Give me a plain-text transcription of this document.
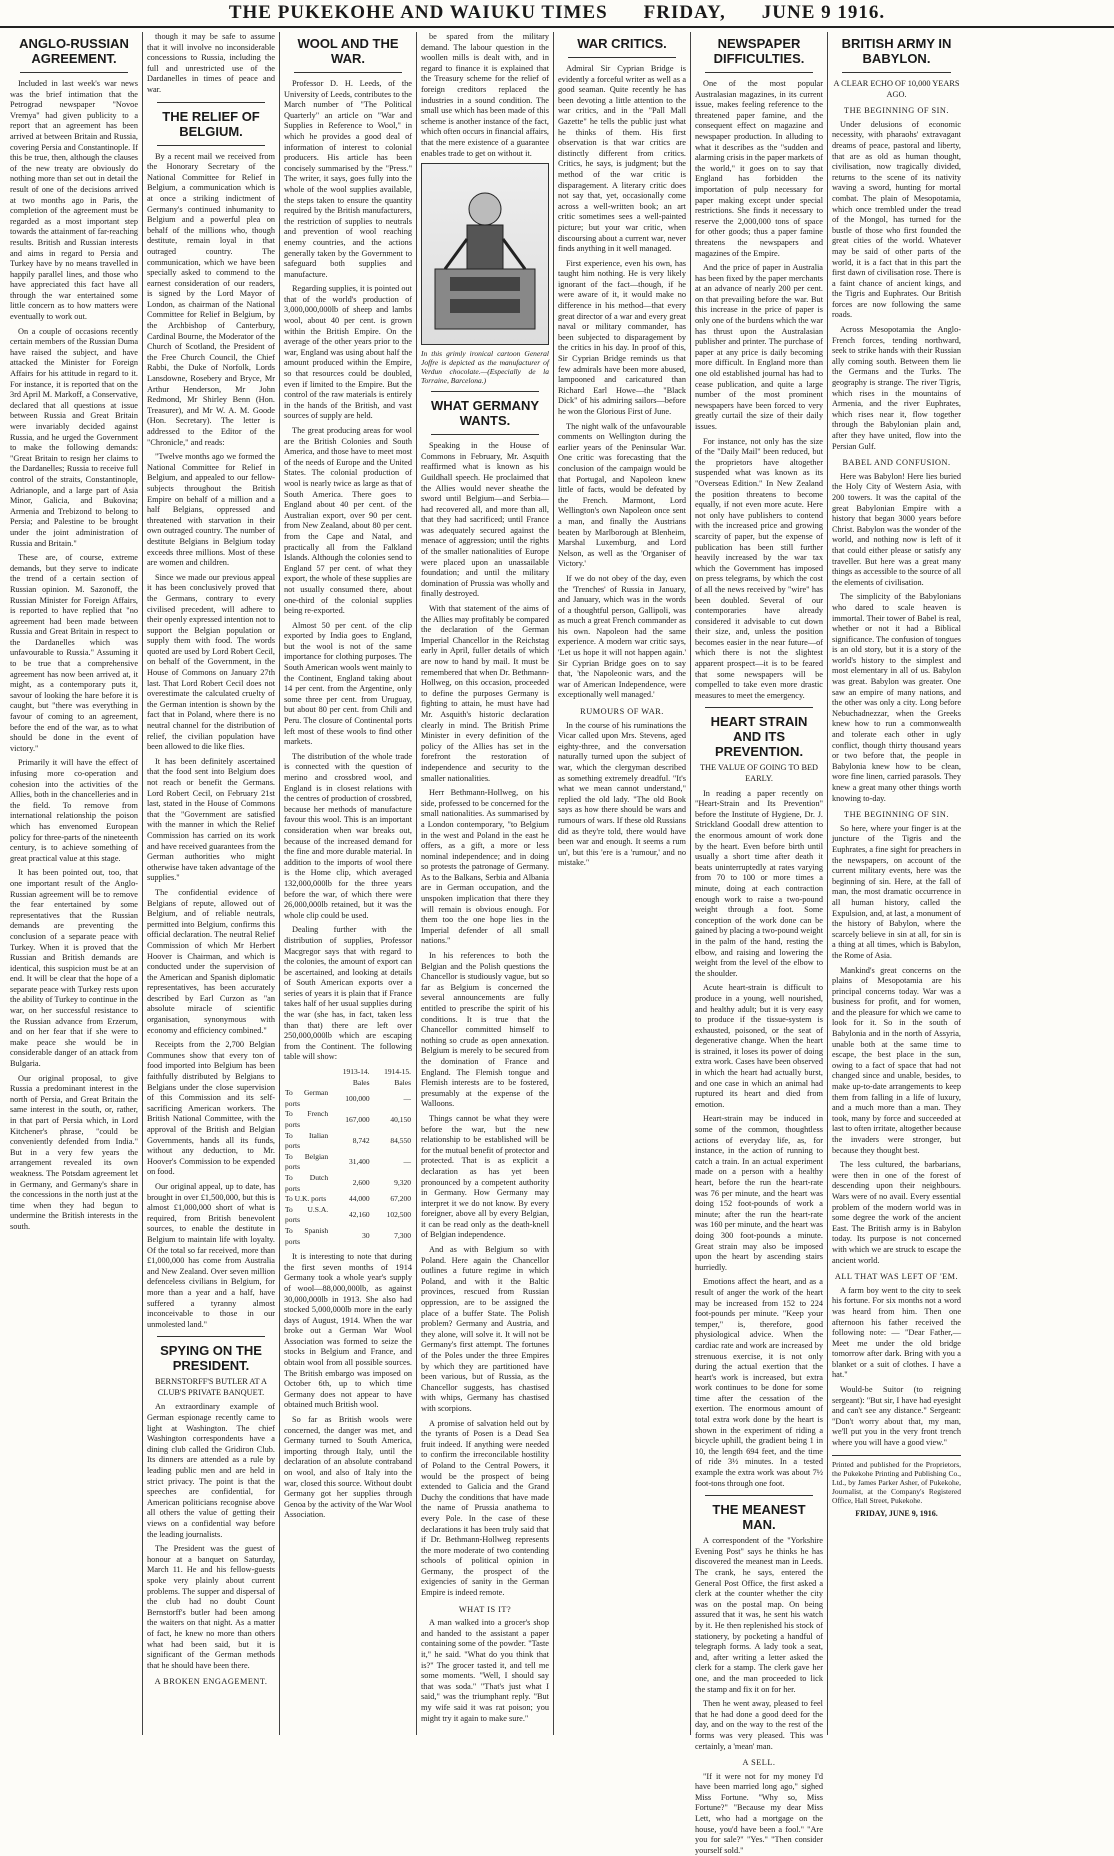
THE PUKEKOHE AND WAIUKU TIMES FRIDAY, JUNE 9 1916.
ANGLO-RUSSIAN AGREEMENT.

Included in last week's war news was the brief intimation that the Petrograd newspaper "Novoe Vremya" had given publicity to a report that an agreement has been arrived at between Britain and Russia, covering Persia and Constantinople. If this be true, then, although the clauses of the new treaty are obviously do nothing more than set out in detail the result of one of the decisions arrived at two months ago in Paris, the completion of the agreement must be regarded as a most important step towards the attainment of far-reaching results. British and Russian interests and aims in regard to Persia and Turkey have by no means travelled in happily parallel lines, and those who have appreciated this fact have all through the war entertained some little concern as to how matters were eventually to work out.

On a couple of occasions recently certain members of the Russian Duma have raised the subject, and have attacked the Minister for Foreign Affairs for his attitude in regard to it. For instance, it is reported that on the 3rd April M. Markoff, a Conservative, declared that all questions at issue between Russia and Great Britain were invariably decided against Russia, and he urged the Government to make the following demands: "Great Britain to resign her claims to the Dardanelles; Russia to receive full control of the straits, Constantinople, Adrianople, and a large part of Asia Minor, Galicia, and Bukovina; Armenia and Trebizond to belong to Persia; and Palestine to be brought under the joint administration of Russia and Britain."

These are, of course, extreme demands, but they serve to indicate the trend of a certain section of Russian opinion. M. Sazonoff, the Russian Minister for Foreign Affairs, is reported to have replied that "no agreement had been made between Russia and Great Britain in respect to the Dardanelles which was unfavourable to Russia." Assuming it to be true that a comprehensive agreement has now been arrived at, it might, as a contemporary puts it, savour of looking the hare before it is caught, but "there was everything in favour of coming to an agreement, before the end of the war, as to what should be done in the event of victory."

Primarily it will have the effect of infusing more co-operation and cohesion into the activities of the Allies, both in the chancelleries and in the field. To remove from international relationship the poison which has envenomed European policy for three-parts of the nineteenth century, is to achieve something of great practical value at this stage.

It has been pointed out, too, that one important result of the Anglo-Russian agreement will be to remove the fear entertained by some representatives that the Russian demands are preventing the conclusion of a separate peace with Turkey. When it is proved that the Russian and British demands are identical, this suspicion must be at an end. It will be clear that the hope of a separate peace with Turkey rests upon the ability of Turkey to continue in the war, on her successful resistance to the Russian advance from Erzerum, and on her fear that if she were to make peace she would be in considerable danger of an attack from Bulgaria.

Our original proposal, to give Russia a predominant interest in the north of Persia, and Great Britain the same interest in the south, or, rather, in that part of Persia which, in Lord Kitchener's phrase, "could be conveniently defended from India." But in a very few years the arrangement revealed its own weakness. The Potsdam agreement let in Germany, and Germany's share in the concessions in the north just at the time when they had begun to undermine the British interests in the south.

though it may be safe to assume that it will involve no inconsiderable concessions to Russia, including the full and unrestricted use of the Dardanelles in times of peace and war.

THE RELIEF OF BELGIUM.

By a recent mail we received from the Honorary Secretary of the National Committee for Relief in Belgium, a communication which is at once a striking indictment of Germany's continued inhumanity to Belgium and a powerful plea on behalf of the millions who, though destitute, remain loyal in that outraged country. The communication, which we have been specially asked to commend to the earnest consideration of our readers, is signed by the Lord Mayor of London, as chairman of the National Committee for Relief in Belgium, by the Archbishop of Canterbury, Cardinal Bourne, the Moderator of the Church of Scotland, the President of the Free Church Council, the Chief Rabbi, the Duke of Norfolk, Lords Lansdowne, Rosebery and Bryce, Mr Arthur Henderson, Mr John Redmond, Mr Shirley Benn (Hon. Treasurer), and Mr W. A. M. Goode (Hon. Secretary). The letter is addressed to the Editor of the "Chronicle," and reads:

"Twelve months ago we formed the National Committee for Relief in Belgium, and appealed to our fellow-subjects throughout the British Empire on behalf of a million and a half Belgians, oppressed and threatened with starvation in their own outraged country. The number of destitute Belgians in Belgium today exceeds three millions. Most of these are women and children.

Since we made our previous appeal it has been conclusively proved that the Germans, contrary to every civilised precedent, will adhere to their openly expressed intention not to support the Belgian population or supply them with food. The words quoted are used by Lord Robert Cecil, on behalf of the Government, in the House of Commons on January 27th last. That Lord Robert Cecil does not overestimate the calculated cruelty of the German intention is shown by the fact that in Poland, where there is no neutral channel for the distribution of relief, the civilian population have been allowed to die like flies.

It has been definitely ascertained that the food sent into Belgium does not reach or benefit the Germans. Lord Robert Cecil, on February 21st last, stated in the House of Commons that the "Government are satisfied with the manner in which the Relief Commission has carried on its work and have received guarantees from the German authorities who might otherwise have taken advantage of the supplies."

The confidential evidence of Belgians of repute, allowed out of Belgium, and of reliable neutrals, permitted into Belgium, confirms this official declaration. The neutral Relief Commission of which Mr Herbert Hoover is Chairman, and which is conducted under the supervision of the American and Spanish diplomatic representatives, has been accurately described by Earl Curzon as "an absolute miracle of scientific organisation, synonymous with economy and efficiency combined."

Receipts from the 2,700 Belgian Communes show that every ton of food imported into Belgium has been faithfully distributed by Belgians to Belgians under the close supervision of this Commission and its self-sacrificing American workers. The British National Committee, with the approval of the British and Belgian Governments, hands all its funds, without any deduction, to Mr. Hoover's Commission to be expended on food.

Our original appeal, up to date, has brought in over £1,500,000, but this is almost £1,000,000 short of what is required, from British benevolent sources, to enable the destitute in Belgium to maintain life with loyalty. Of the total so far received, more than £1,000,000 has come from Australia and New Zealand. Over seven million defenceless civilians in Belgium, for more than a year and a half, have suffered a tyranny almost inconceivable to those in our unmolested land."

SPYING ON THE PRESIDENT.
BERNSTORFF'S BUTLER AT A CLUB'S PRIVATE BANQUET.

An extraordinary example of German espionage recently came to light at Washington. The chief Washington correspondents have a dining club called the Gridiron Club. Its dinners are attended as a rule by leading public men and are held in strict privacy. The point is that the speeches are confidential, for American politicians recognise above all others the value of getting their views on a confidential way before the leading journalists.

The President was the guest of honour at a banquet on Saturday, March 11. He and his fellow-guests spoke very plainly about current problems. The supper and dispersal of the club had no doubt Count Bernstorff's butler had been among the waiters on that night. As a matter of fact, he knew no more than others what had been said, but it is significant of the German methods that he should have been there.

A BROKEN ENGAGEMENT.
WOOL AND THE WAR.

Professor D. H. Leeds, of the University of Leeds, contributes to the March number of "The Political Quarterly" an article on "War and Supplies in Reference to Wool," in which he provides a good deal of information of interest to colonial producers. His article has been concisely summarised by the "Press." The writer, it says, goes fully into the whole of the wool supplies available, the steps taken to ensure the quantity required by the British manufacturers, the restriction of supplies to neutrals and prevention of wool reaching enemy countries, and the actions generally taken by the Government to safeguard both supplies and manufacture.

Regarding supplies, it is pointed out that of the world's production of 3,000,000,000lb of sheep and lambs wool, about 40 per cent. is grown within the British Empire. On the average of the other years prior to the war, England was using about half the amount produced within the Empire, so that resources could be doubled, even if limited to the Empire. But the control of the raw materials is entirely in the hands of the British, and vast sources of supply are held.

The great producing areas for wool are the British Colonies and South America, and those have to meet most of the needs of Europe and the United States. The colonial production of wool is nearly twice as large as that of South America. There goes to England about 40 per cent. of the Australian export, over 90 per cent. from New Zealand, about 80 per cent. from the Cape and Natal, and practically all from the Falkland Islands. Although the colonies send to England 57 per cent. of what they export, the whole of these supplies are not usually consumed there, about one-third of the colonial supplies being re-exported.

Almost 50 per cent. of the clip exported by India goes to England, but the wool is not of the same importance for clothing purposes. The South American wools went mainly to the Continent, England taking about 14 per cent. from the Argentine, only some three per cent. from Uruguay, but about 80 per cent. from Chili and Peru. The closure of Continental ports left most of these wools to find other markets.

The distribution of the whole trade is connected with the question of merino and crossbred wool, and England is in closest relations with the centres of production of crossbred, because her methods of manufacture favour this wool. This is an important consideration when war breaks out, because of the increased demand for the fine and more durable material. In addition to the imports of wool there is the Home clip, which averaged 132,000,000lb for the three years before the war, of which there were 26,000,000lb retained, but it was the whole clip could be used.

Dealing further with the distribution of supplies, Professor Macgregor says that with regard to the colonies, the amount of export can be ascertained, and looking at details of South American exports over a series of years it is plain that if France takes half of her usual supplies during the war (she has, in fact, taken less than that) there are left over 250,000,000lb which are escaping from the Continent. The following table will show:

	1913-14. Bales	1914-15. Bales
To German ports	100,000	—
To French ports	167,000	40,150
To Italian ports	8,742	84,550
To Belgian ports	31,400	—
To Dutch ports	2,600	9,320
To U.K. ports	44,000	67,200
To U.S.A. ports	42,160	102,500
To Spanish ports	30	7,300

It is interesting to note that during the first seven months of 1914 Germany took a whole year's supply of wool—88,000,000lb, as against 30,000,000lb in 1913. She also had stocked 5,000,000lb more in the early days of August, 1914. When the war broke out a German War Wool Association was formed to seize the stocks in Belgium and France, and obtain wool from all possible sources. The British embargo was imposed on October 6th, up to which time Germany does not appear to have obtained much British wool.

So far as British wools were concerned, the danger was met, and Germany turned to South America, importing through Italy, until the declaration of an absolute contraband on wool, and also of Italy into the war, closed this source. Without doubt Germany got her supplies through Genoa by the activity of the War Wool Association.

be spared from the military demand. The labour question in the woollen mills is dealt with, and in regard to finance it is explained that the Treasury scheme for the relief of foreign creditors replaced the industries in a sound condition. The small use which has been made of this scheme is another instance of the fact, which often occurs in financial affairs, that the mere existence of a guarantee enables trade to get on without it.

In this grimly ironical cartoon General Joffre is depicted as the manufacturer of Verdun chocolate.—(Especially de la Torraine, Barcelona.)
WHAT GERMANY WANTS.

Speaking in the House of Commons in February, Mr. Asquith reaffirmed what is known as his Guildhall speech. He proclaimed that the Allies would never sheathe the sword until Belgium—and Serbia—had recovered all, and more than all, that they had sacrificed; until France was adequately secured against the menace of aggression; until the rights of the smaller nationalities of Europe were placed upon an unassailable foundation; and until the military domination of Prussia was wholly and finally destroyed.

With that statement of the aims of the Allies may profitably be compared the declaration of the German Imperial Chancellor in the Reichstag early in April, fuller details of which are now to hand by mail. It must be remembered that when Dr. Bethmann-Hollweg, on this occasion, proceeded to define the purposes Germany is fighting to attain, he must have had Mr. Asquith's historic declaration clearly in mind. The British Prime Minister in every definition of the policy of the Allies has set in the forefront the restoration of independence and security to the smaller nationalities.

Herr Bethmann-Hollweg, on his side, professed to be concerned for the small nationalities. As summarised by a London contemporary, "to Belgium in the west and Poland in the east he offers, as a gift, a more or less nominal independence; and in doing so protests the patronage of Germany. As to the Balkans, Serbia and Albania are in German occupation, and the unspoken implication that there they will remain is obvious enough. For them too the one hope lies in the Imperial defender of all small nations."

In his references to both the Belgian and the Polish questions the Chancellor is studiously vague, but so far as Belgium is concerned the several announcements are fully entitled to prescribe the spirit of his conditions. It is true that the Chancellor committed himself to nothing so crude as open annexation. Belgium is merely to be secured from the domination of France and England. The Flemish tongue and Flemish interests are to be fostered, presumably at the expense of the Walloons.

Things cannot be what they were before the war, but the new relationship to be established will be for the mutual benefit of protector and protected. That is as explicit a declaration as has yet been pronounced by a competent authority in Germany. How Germany may interpret it we do not know. By every foreigner, above all by every Belgian, it can be read only as the death-knell of Belgian independence.

And as with Belgium so with Poland. Here again the Chancellor outlines a future regime in which Poland, and with it the Baltic provinces, rescued from Russian oppression, are to be assigned the place of a buffer State. The Polish problem? Germany and Austria, and they alone, will solve it. It will not be Germany's first attempt. The fortunes of the Poles under the three Empires by which they are partitioned have been various, but of Russia, as the Chancellor suggests, has chastised with whips, Germany has chastised with scorpions.

A promise of salvation held out by the tyrants of Posen is a Dead Sea fruit indeed. If anything were needed to confirm the irreconcilable hostility of Poland to the Central Powers, it would be the prospect of being extended to Galicia and the Grand Duchy the conditions that have made the name of Prussia anathema to every Pole. In the case of these declarations it has been truly said that if Dr. Bethmann-Hollweg represents the more moderate of two contending schools of political opinion in Germany, the prospect of the exigencies of sanity in the German Empire is indeed remote.

WHAT IS IT?

A man walked into a grocer's shop and handed to the assistant a paper containing some of the powder. "Taste it," he said. "What do you think that is?" The grocer tasted it, and tell me some moments. "Well, I should say that was soda." "That's just what I said," was the triumphant reply. "But my wife said it was rat poison; you might try it again to make sure."

WAR CRITICS.

Admiral Sir Cyprian Bridge is evidently a forceful writer as well as a good seaman. Quite recently he has been devoting a little attention to the war critics, and in the "Pall Mall Gazette" he tells the public just what he thinks of them. His first observation is that war critics are distinctly different from critics. Critics, he says, is judgment; but the method of the war critic is disparagement. A literary critic does not say that, yet, occasionally come across a well-written book; an art critic sometimes sees a well-painted picture; but your war critic, when discoursing about a current war, never finds anything in it well managed.

First experience, even his own, has taught him nothing. He is very likely ignorant of the fact—though, if he were aware of it, it would make no difference in his method—that every great director of a war and every great naval or military commander, has been subjected to disparagement by the critics in his day. In proof of this, Sir Cyprian Bridge reminds us that few admirals have been more abused, lampooned and caricatured than Richard Earl Howe—the "Black Dick" of his admiring sailors—before he won the Glorious First of June.

The night walk of the unfavourable comments on Wellington during the earlier years of the Peninsular War. One critic was forecasting that the conclusion of the campaign would be that Portugal, and Napoleon knew little of facts, would be defeated by the French. Marmont, Lord Wellington's own Napoleon once sent a man, and finally the Austrians beaten by Marlborough at Blenheim, Marshal Luxemburg, and Lord Nelson, as well as the 'Organiser of Victory.'

If we do not obey of the day, even the 'Trenches' of Russia in January, and January, which was in the words of a thoughtful person, Gallipoli, was as much a great French commander as his own. Napoleon had the same experience. A modern war critic says, 'Let us hope it will not happen again.' Sir Cyprian Bridge goes on to say that, 'the Napoleonic wars, and the war of American Independence, were exceptionally well managed.'

RUMOURS OF WAR.

In the course of his ruminations the Vicar called upon Mrs. Stevens, aged eighty-three, and the conversation naturally turned upon the subject of war, which the clergyman described as something extremely dreadful. "It's what we mean cannot understand," replied the old lady. "The old Book says as how there should be wars and rumours of wars. If these old Russians did as they're told, there would have been war and enough. It seems a rum un', but this 'ere is a 'rumour,' and no mistake."

NEWSPAPER DIFFICULTIES.

One of the most popular Australasian magazines, in its current issue, makes feeling reference to the threatened paper famine, and the consequent effect on magazine and newspaper production. In alluding to what it describes as the "sudden and alarming crisis in the paper markets of the world," it goes on to say that England has forbidden the importation of pulp necessary for paper making except under special restrictions. She finds it necessary to reserve the 2,000,000 tons of space for other goods; thus a paper famine threatens the newspapers and magazines of the Empire.

And the price of paper in Australia has been fixed by the paper merchants at an advance of nearly 200 per cent. on that prevailing before the war. But this increase in the price of paper is only one of the burdens which the war has thrust upon the Australasian publisher and printer. The purchase of paper at any price is daily becoming more difficult. In England more than one old established journal has had to cease publication, and quite a large number of the most prominent newspapers have been forced to very greatly curtail the size of their daily issues.

For instance, not only has the size of the "Daily Mail" been reduced, but the proprietors have altogether suspended what was known as its "Overseas Edition." In New Zealand the position threatens to become equally, if not even more acute. Here not only have publishers to contend with the increased price and growing scarcity of paper, but the expense of publication has been still further heavily increased by the war tax which the Government has imposed on press telegrams, by which the cost of all the news received by "wire" has been doubled. Several of our contemporaries have already considered it advisable to cut down their size, and, unless the position becomes easier in the near future—of which there is not the slightest apparent prospect—it is to be feared that some newspapers will be compelled to take even more drastic measures to meet the emergency.

HEART STRAIN AND ITS PREVENTION.
THE VALUE OF GOING TO BED EARLY.

In reading a paper recently on "Heart-Strain and Its Prevention" before the Institute of Hygiene, Dr. J. Strickland Goodall drew attention to the enormous amount of work done by the heart. Even before birth until usually a short time after death it beats uninterruptedly at rates varying from 70 to 100 or more times a minute, doing at each contraction enough work to raise a two-pound weight through a foot. Some conception of the work done can be gained by placing a two-pound weight in the palm of the hand, resting the elbow, and raising and lowering the weight from the level of the elbow to the shoulder.

Acute heart-strain is difficult to produce in a young, well nourished, and healthy adult; but it is very easy to produce if the tissue-system is exhausted, poisoned, or the seat of degenerative change. When the heart is strained, it loses its power of doing extra work. Cases have been observed in which the heart had actually burst, and one case in which an animal had ruptured its heart and died from emotion.

Heart-strain may be induced in some of the common, thoughtless actions of everyday life, as, for instance, in the action of running to catch a train. In an actual experiment made on a person with a healthy heart, before the run the heart-rate was 76 per minute, and the heart was doing 152 foot-pounds of work a minute; after the run the heart-rate was 160 per minute, and the heart was doing 300 foot-pounds a minute. Great strain may also be imposed upon the heart by ascending stairs hurriedly.

Emotions affect the heart, and as a result of anger the work of the heart may be increased from 152 to 224 foot-pounds per minute. "Keep your temper," is, therefore, good physiological advice. When the cardiac rate and work are increased by strenuous exercise, it is not only during the actual exertion that the heart's work is increased, but extra work continues to be done for some time after the cessation of the exertion. The enormous amount of total extra work done by the heart is shown in the experiment of riding a bicycle uphill, the gradient being 1 in 10, the length 694 feet, and the time of ride 3½ minutes. In a tested example the extra work was about 7½ foot-tons through one foot.

THE MEANEST MAN.

A correspondent of the "Yorkshire Evening Post" says he thinks he has discovered the meanest man in Leeds. The crank, he says, entered the General Post Office, the first asked a clerk at the counter whether the city was on the postal map. On being assured that it was, he sent his watch by it. He then replenished his stock of stationery, by pocketing a handful of telegraph forms. A lady took a seat, and, after writing a letter asked the clerk for a stamp. The clerk gave her one, and the man proceeded to lick the stamp and fix it on for her.

Then he went away, pleased to feel that he had done a good deed for the day, and on the way to the rest of the forms was very pleased. This was certainly, a 'mean' man.

A SELL.

"If it were not for my money I'd have been married long ago," sighed Miss Fortune. "Why so, Miss Fortune?" "Because my dear Miss Lett, who had a mortgage on the house, you'd have been a fool." "Are you for sale?" "Yes." "Then consider yourself sold."

BRITISH ARMY IN BABYLON.
A CLEAR ECHO OF 10,000 YEARS AGO.
THE BEGINNING OF SIN.

Under delusions of economic necessity, with pharaohs' extravagant dreams of peace, pastoral and liberty, that are as old as human thought, civilisation, now tragically divided, returns to the scene of its nativity waving a sword, hunting for mortal combat. The plain of Mesopotamia, which once trembled under the tread of the Mongol, has turned for the bustle of those who first founded the great cities of the world. Whatever may be said of other parts of the world, it is a fact that in this part the first dawn of civilisation rose. There is a faint chance of ancient kings, and the Tigris and Euphrates. Our British forces are now following the same roads.

Across Mesopotamia the Anglo-French forces, tending northward, seek to strike hands with their Russian ally coming south. Between them lie the Germans and the Turks. The geography is strange. The river Tigris, which rises in the mountains of Armenia, and the river Euphrates, which rises near it, flow together through the Babylonian plain and, after they have united, flow into the Persian Gulf.

BABEL AND CONFUSION.

Here was Babylon! Here lies buried the Holy City of Western Asia, with 200 towers. It was the capital of the great Babylonian Empire with a history that began 3000 years before Christ. Babylon was the wonder of the world, and nothing now is left of it that could either please or satisfy any traveller. But here was a great many things as accessible to the source of all the elements of civilisation.

The simplicity of the Babylonians who dared to scale heaven is immortal. Their tower of Babel is real, whether or not it had a Biblical significance. The confusion of tongues is an old story, but it is a story of the world's history to the simplest and most elementary in all of us. Babylon was great. Babylon was greater. One saw an empire of many nations, and the other was only a city. Long before Nebuchadnezzar, when the Greeks knew how to run a commonwealth and tolerate each other in ugly conflict, though thirty thousand years or two before that, the people in Babylonia knew how to be clean, wore fine linen, carried parasols. They knew a great many other things worth knowing to-day.

THE BEGINNING OF SIN.

So here, where your finger is at the juncture of the Tigris and the Euphrates, a fine sight for preachers in the newspapers, on account of the current military events, here was the beginning of sin. Here, at the fall of man, the most dramatic occurrence in all human history, called the Expulsion, and, at last, a monument of the history of Babylon, where the scarcely believe in sin at all, for sin is a thing at all times, which is Babylon, the Rome of Asia.

Mankind's great concerns on the plains of Mesopotamia are his principal concerns today. War was a business for profit, and for women, and the pleasure for which we came to look for it. So in the south of Babylonia and in the north of Assyria, unable both at the same time to escape, the best place in the sun, owing to a fact of space that had not changed since and unable, besides, to make up-to-date arrangements to keep them from falling in a life of luxury, and a much more than a man. They took, many by force and succeeded at last to often irritate, altogether because the invaders were stronger, but because they thought best.

The less cultured, the barbarians, were then in one of the forest of descending upon their neighbours. Wars were of no avail. Every essential problem of the modern world was in some degree the work of the ancient East. The British army is in Babylon today. Its purpose is not concerned with which we are struck to escape the ancient world.

ALL THAT WAS LEFT OF 'EM.

A farm boy went to the city to seek his fortune. For six months not a word was heard from him. Then one afternoon his father received the following note: — "Dear Father,—Meet me under the old bridge tomorrow after dark. Bring with you a blanket or a suit of clothes. I have a hat."

Would-be Suitor (to reigning sergeant): "But sir, I have had eyesight and can't see any distance." Sergeant: "Don't worry about that, my man, we'll put you in the very front trench where you will have a good view."

Printed and published for the Proprietors, the Pukekohe Printing and Publishing Co., Ltd., by James Parker Asher, of Pukekohe, Journalist, at the Company's Registered Office, Hall Street, Pukekohe.
FRIDAY, JUNE 9, 1916.
